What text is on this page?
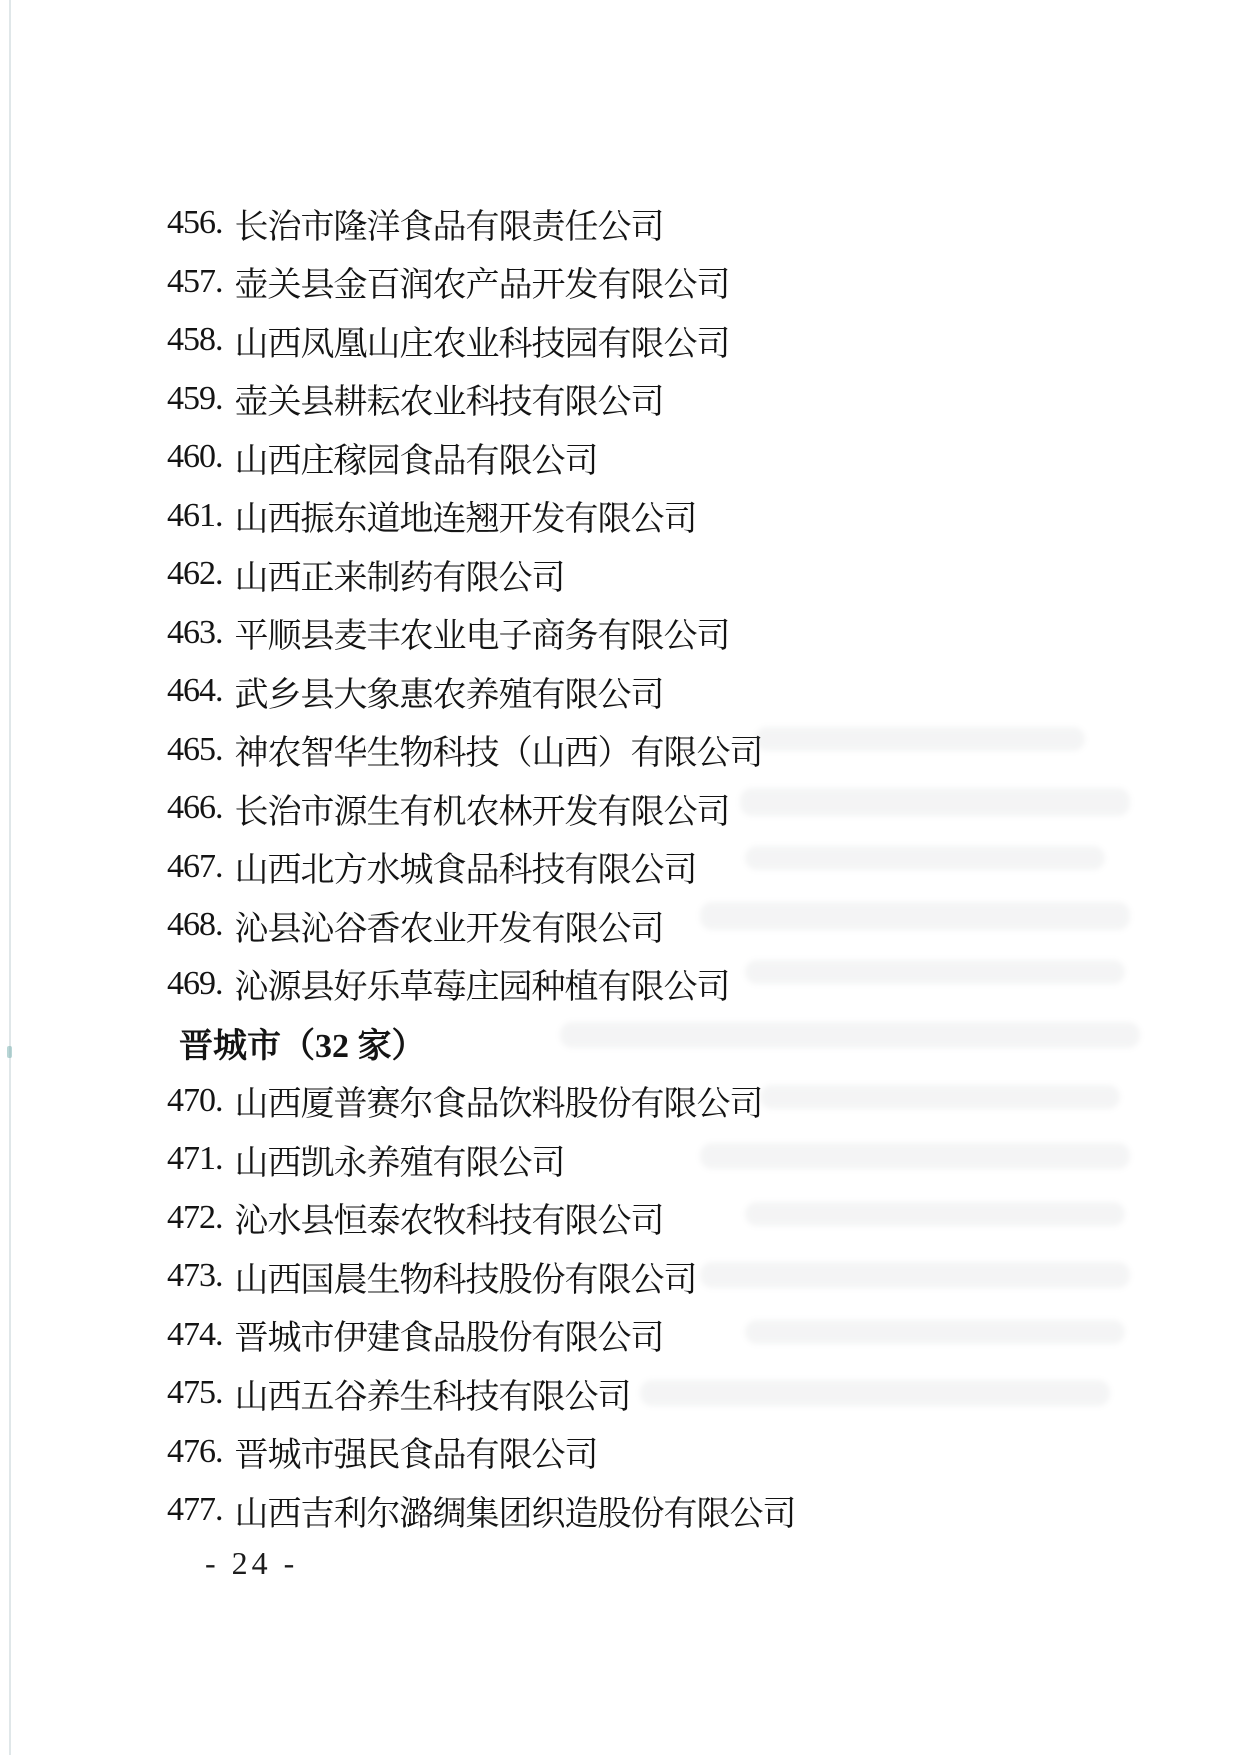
456. 长治市隆洋食品有限责任公司
457. 壶关县金百润农产品开发有限公司
458. 山西凤凰山庄农业科技园有限公司
459. 壶关县耕耘农业科技有限公司
460. 山西庄稼园食品有限公司
461. 山西振东道地连翘开发有限公司
462. 山西正来制药有限公司
463. 平顺县麦丰农业电子商务有限公司
464. 武乡县大象惠农养殖有限公司
465. 神农智华生物科技（山西）有限公司
466. 长治市源生有机农林开发有限公司
467. 山西北方水城食品科技有限公司
468. 沁县沁谷香农业开发有限公司
469. 沁源县好乐草莓庄园种植有限公司
晋城市（32 家）
470. 山西厦普赛尔食品饮料股份有限公司
471. 山西凯永养殖有限公司
472. 沁水县恒泰农牧科技有限公司
473. 山西国晨生物科技股份有限公司
474. 晋城市伊建食品股份有限公司
475. 山西五谷养生科技有限公司
476. 晋城市强民食品有限公司
477. 山西吉利尔潞绸集团织造股份有限公司
- 24 -
